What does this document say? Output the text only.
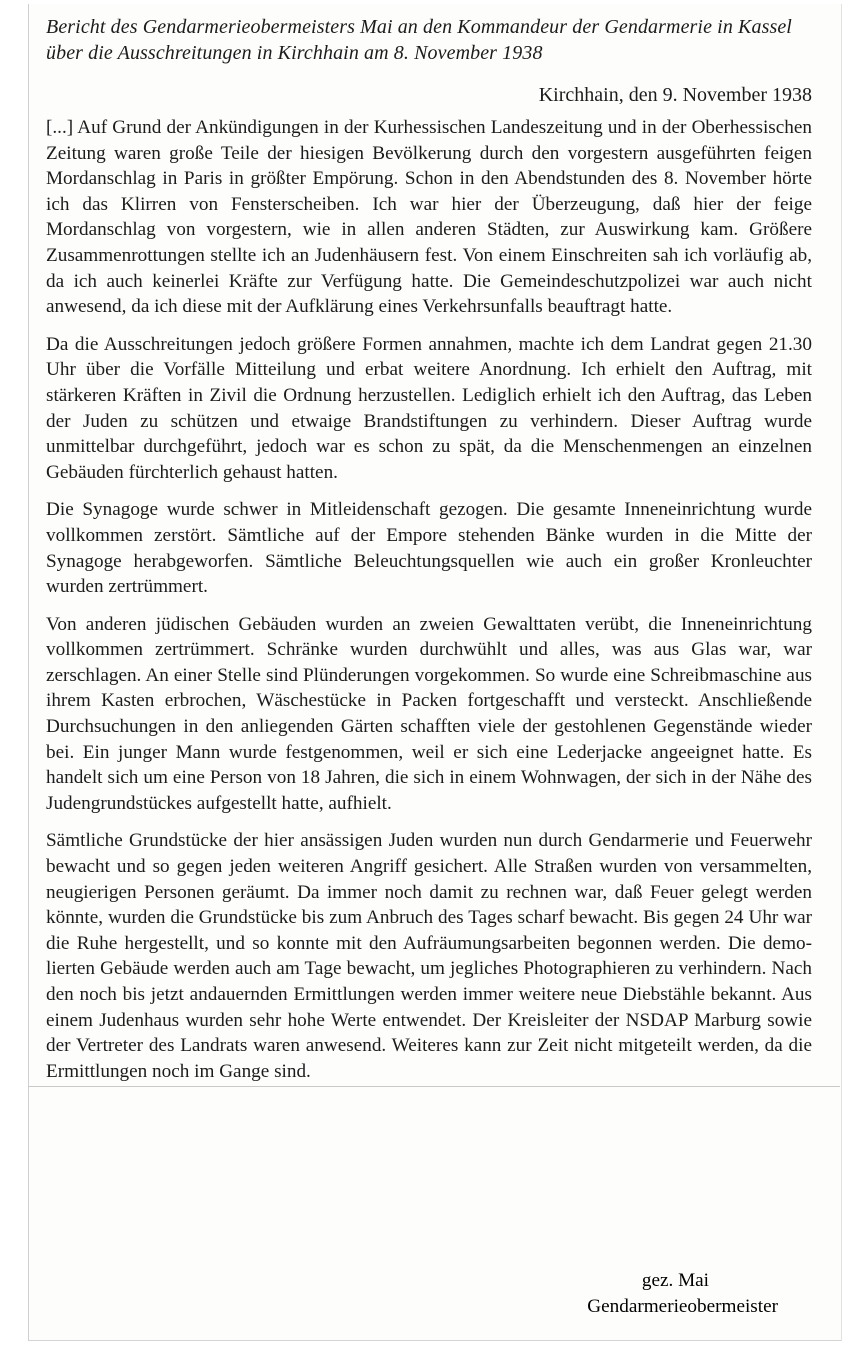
Bericht des Gendarmerieobermeisters Mai an den Kommandeur der Gendarmerie in Kassel über die Ausschreitungen in Kirchhain am 8. November 1938

Kirchhain, den 9. November 1938

[...] Auf Grund der Ankündigungen in der Kurhessischen Landeszeitung und in der Oberhessischen Zeitung waren große Teile der hiesigen Bevölkerung durch den vorgestern ausgeführten feigen Mordanschlag in Paris in größter Empörung. Schon in den Abendstunden des 8. November hörte ich das Klirren von Fensterscheiben. Ich war hier der Überzeugung, daß hier der feige Mordanschlag von vorgestern, wie in allen anderen Städten, zur Auswirkung kam. Größere Zusammenrottungen stellte ich an Judenhäusern fest. Von einem Einschreiten sah ich vorläufig ab, da ich auch keinerlei Kräfte zur Verfügung hatte. Die Gemeindeschutzpolizei war auch nicht anwesend, da ich diese mit der Aufklärung eines Verkehrsunfalls beauftragt hatte.

Da die Ausschreitungen jedoch größere Formen annahmen, machte ich dem Landrat gegen 21.30 Uhr über die Vorfälle Mitteilung und erbat weitere Anordnung. Ich erhielt den Auftrag, mit stärkeren Kräften in Zivil die Ordnung herzustellen. Lediglich erhielt ich den Auftrag, das Leben der Juden zu schützen und etwaige Brandstiftungen zu verhindern. Dieser Auftrag wurde unmittelbar durchgeführt, jedoch war es schon zu spät, da die Menschenmengen an einzelnen Gebäuden fürchterlich gehaust hatten.

Die Synagoge wurde schwer in Mitleidenschaft gezogen. Die gesamte Inneneinrichtung wurde vollkommen zerstört. Sämtliche auf der Empore stehenden Bänke wurden in die Mitte der Synagoge herabgeworfen. Sämtliche Beleuchtungsquellen wie auch ein großer Kronleuchter wurden zertrümmert.

Von anderen jüdischen Gebäuden wurden an zweien Gewalttaten verübt, die Inneneinrichtung vollkommen zertrümmert. Schränke wurden durchwühlt und alles, was aus Glas war, war zerschlagen. An einer Stelle sind Plünderungen vorgekommen. So wurde eine Schreibmaschine aus ihrem Kasten erbrochen, Wäschestücke in Packen fortgeschafft und versteckt. Anschließende Durchsuchungen in den anliegenden Gärten schafften viele der gestohlenen Gegenstände wieder bei. Ein junger Mann wurde festgenommen, weil er sich eine Lederjacke angeeignet hatte. Es handelt sich um eine Person von 18 Jahren, die sich in einem Wohnwagen, der sich in der Nähe des Judengrundstückes aufgestellt hatte, aufhielt.

Sämtliche Grundstücke der hier ansässigen Juden wurden nun durch Gendarmerie und Feuerwehr bewacht und so gegen jeden weiteren Angriff gesichert. Alle Straßen wurden von versammelten, neugierigen Personen geräumt. Da immer noch damit zu rechnen war, daß Feuer gelegt werden könnte, wurden die Grundstücke bis zum Anbruch des Tages scharf bewacht. Bis gegen 24 Uhr war die Ruhe hergestellt, und so konnte mit den Aufräumungsarbeiten begonnen werden. Die demolierten Gebäude werden auch am Tage bewacht, um jegliches Photographieren zu verhindern. Nach den noch bis jetzt andauernden Ermittlungen werden immer weitere neue Diebstähle bekannt. Aus einem Judenhaus wurden sehr hohe Werte entwendet. Der Kreisleiter der NSDAP Marburg sowie der Vertreter des Landrats waren anwesend. Weiteres kann zur Zeit nicht mitgeteilt werden, da die Ermittlungen noch im Gange sind.

gez. Mai
Gendarmerieobermeister
